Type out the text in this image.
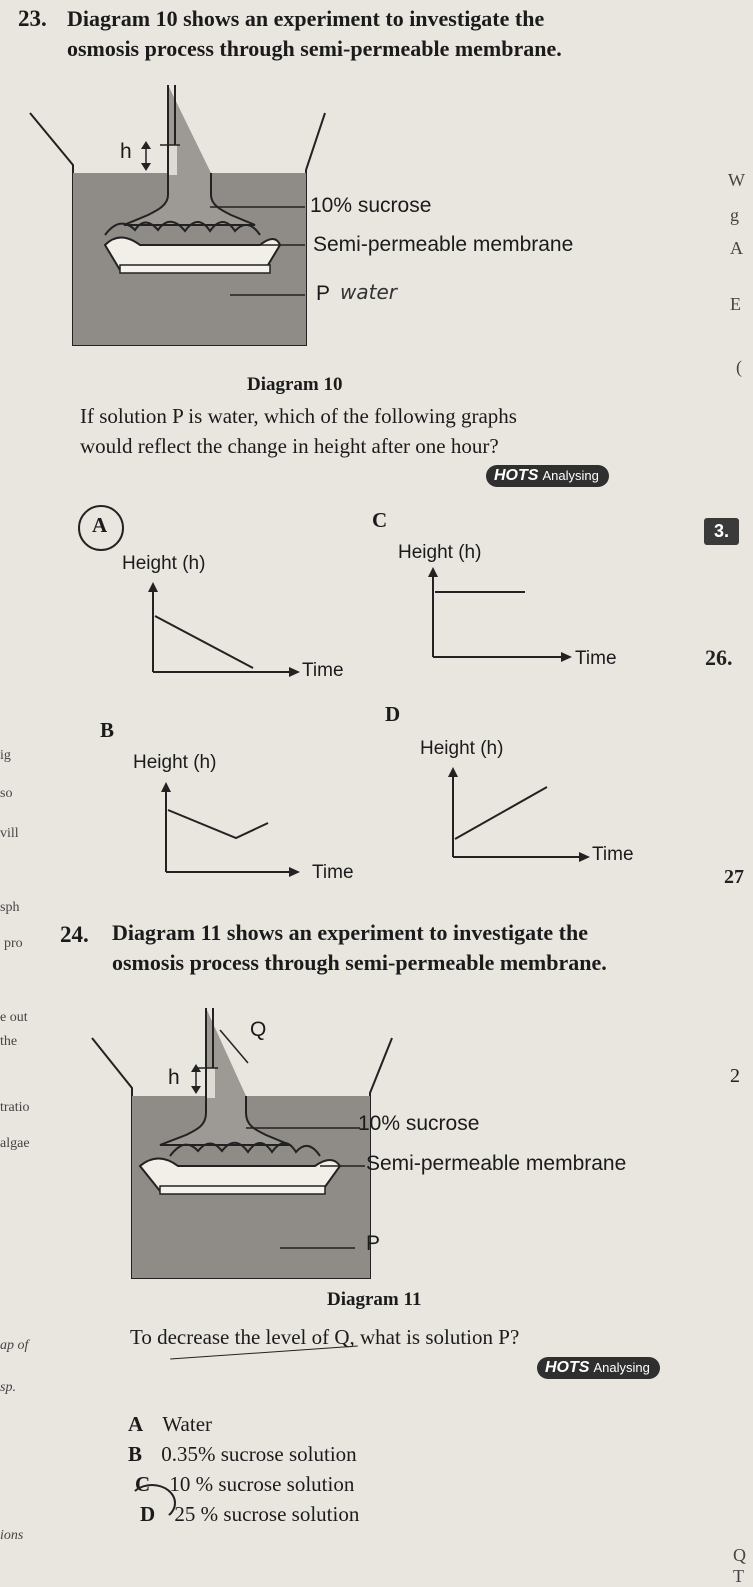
23. Diagram 10 shows an experiment to investigate the
osmosis process through semi-permeable membrane.
h
10% sucrose
Semi-permeable membrane
P water
Diagram 10
If solution P is water, which of the following graphs
would reflect the change in height after one hour?
HOTS Analysing
A
Height (h)
Time
C
Height (h)
Time
B
Height (h)
Time
D
Height (h)
Time
24. Diagram 11 shows an experiment to investigate the
osmosis process through semi-permeable membrane.
Q
h
10% sucrose
Semi-permeable membrane
P
Diagram 11
To decrease the level of Q, what is solution P?
HOTS Analysing
A Water
B 0.35% sucrose solution
C 10 % sucrose solution
D 25 % sucrose solution
W
g
A
E
(
3.
26.
27
2
Q
T
ig
so
vill
sph
pro
e out
the
tratio
algae
ap of
sp.
ions
